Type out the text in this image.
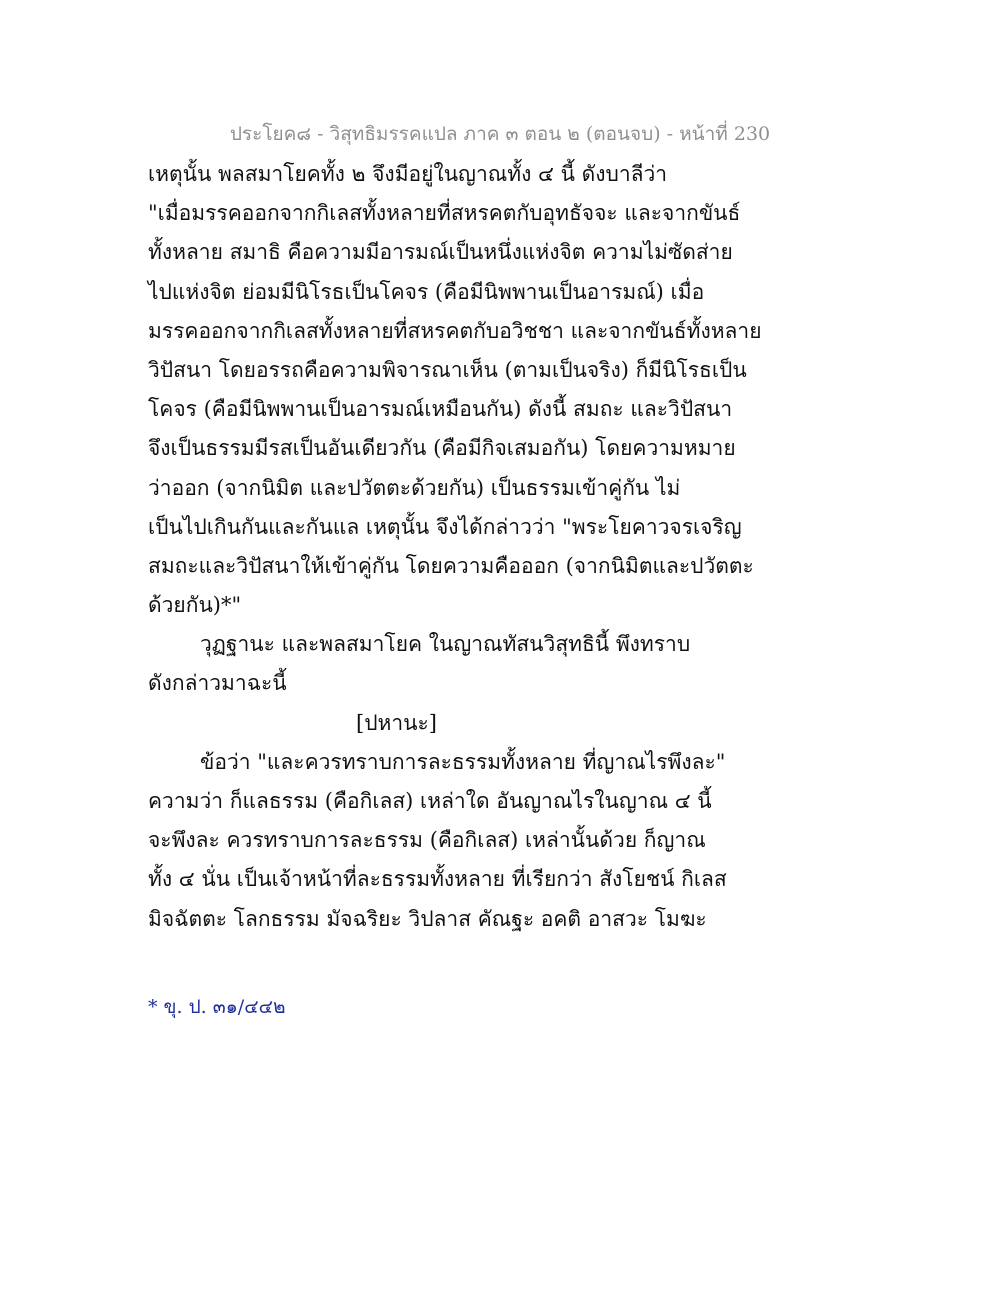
ประโยค๘ - วิสุทธิมรรคแปล ภาค ๓ ตอน ๒ (ตอนจบ) - หน้าที่ 230
เหตุนั้น พลสมาโยคทั้ง ๒ จึงมีอยู่ในญาณทั้ง ๔ นี้ ดังบาลีว่า
"เมื่อมรรคออกจากกิเลสทั้งหลายที่สหรคตกับอุทธัจจะ และจากขันธ์
ทั้งหลาย สมาธิ คือความมีอารมณ์เป็นหนึ่งแห่งจิต ความไม่ซัดส่าย
ไปแห่งจิต ย่อมมีนิโรธเป็นโคจร (คือมีนิพพานเป็นอารมณ์) เมื่อ
มรรคออกจากกิเลสทั้งหลายที่สหรคตกับอวิชชา และจากขันธ์ทั้งหลาย
วิปัสนา โดยอรรถคือความพิจารณาเห็น (ตามเป็นจริง) ก็มีนิโรธเป็น
โคจร (คือมีนิพพานเป็นอารมณ์เหมือนกัน) ดังนี้ สมถะ และวิปัสนา
จึงเป็นธรรมมีรสเป็นอันเดียวกัน (คือมีกิจเสมอกัน) โดยความหมาย
ว่าออก (จากนิมิต และปวัตตะด้วยกัน) เป็นธรรมเข้าคู่กัน ไม่
เป็นไปเกินกันและกันแล เหตุนั้น จึงได้กล่าวว่า "พระโยคาวจรเจริญ
สมถะและวิปัสนาให้เข้าคู่กัน โดยความคือออก (จากนิมิตและปวัตตะ
ด้วยกัน)*"
วุฏฐานะ และพลสมาโยค ในญาณทัสนวิสุทธินี้ พึงทราบ
ดังกล่าวมาฉะนี้
[ปหานะ]
ข้อว่า "และควรทราบการละธรรมทั้งหลาย ที่ญาณไรพึงละ"
ความว่า ก็แลธรรม (คือกิเลส) เหล่าใด อันญาณไรในญาณ ๔ นี้
จะพึงละ ควรทราบการละธรรม (คือกิเลส) เหล่านั้นด้วย ก็ญาณ
ทั้ง ๔ นั่น เป็นเจ้าหน้าที่ละธรรมทั้งหลาย ที่เรียกว่า สังโยชน์ กิเลส
มิจฉัตตะ โลกธรรม มัจฉริยะ วิปลาส คัณฐะ อคติ อาสวะ โมฆะ
* ขุ. ป. ๓๑/๔๔๒
